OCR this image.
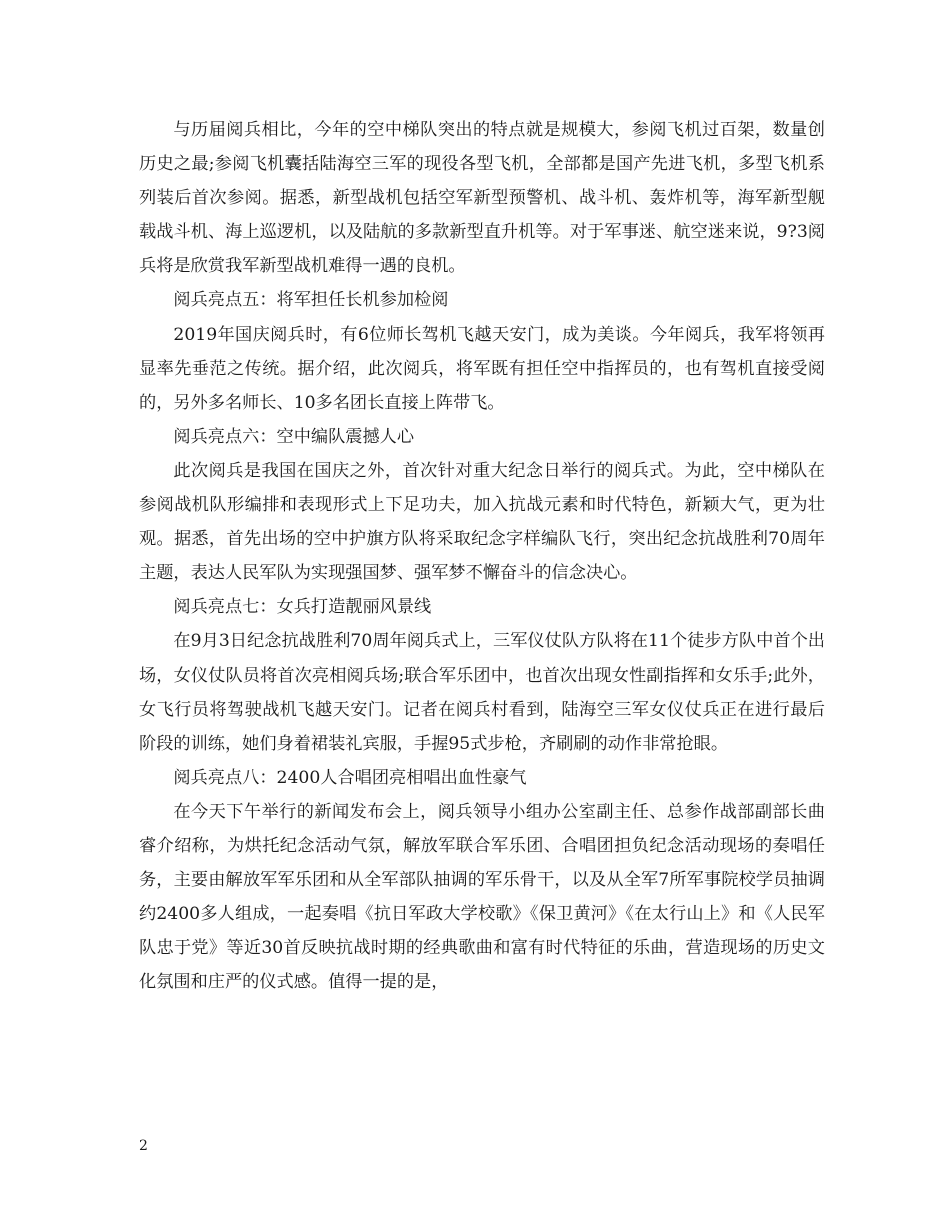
与历届阅兵相比，今年的空中梯队突出的特点就是规模大，参阅飞机过百架，数量创历史之最;参阅飞机囊括陆海空三军的现役各型飞机，全部都是国产先进飞机，多型飞机系列装后首次参阅。据悉，新型战机包括空军新型预警机、战斗机、轰炸机等，海军新型舰载战斗机、海上巡逻机，以及陆航的多款新型直升机等。对于军事迷、航空迷来说，9?3阅兵将是欣赏我军新型战机难得一遇的良机。

阅兵亮点五：将军担任长机参加检阅

2019年国庆阅兵时，有6位师长驾机飞越天安门，成为美谈。今年阅兵，我军将领再显率先垂范之传统。据介绍，此次阅兵，将军既有担任空中指挥员的，也有驾机直接受阅的，另外多名师长、10多名团长直接上阵带飞。

阅兵亮点六：空中编队震撼人心

此次阅兵是我国在国庆之外，首次针对重大纪念日举行的阅兵式。为此，空中梯队在参阅战机队形编排和表现形式上下足功夫，加入抗战元素和时代特色，新颖大气，更为壮观。据悉，首先出场的空中护旗方队将采取纪念字样编队飞行，突出纪念抗战胜利70周年主题，表达人民军队为实现强国梦、强军梦不懈奋斗的信念决心。

阅兵亮点七：女兵打造靓丽风景线

在9月3日纪念抗战胜利70周年阅兵式上，三军仪仗队方队将在11个徒步方队中首个出场，女仪仗队员将首次亮相阅兵场;联合军乐团中，也首次出现女性副指挥和女乐手;此外，女飞行员将驾驶战机飞越天安门。记者在阅兵村看到，陆海空三军女仪仗兵正在进行最后阶段的训练，她们身着裙装礼宾服，手握95式步枪，齐刷刷的动作非常抢眼。

阅兵亮点八：2400人合唱团亮相唱出血性豪气

在今天下午举行的新闻发布会上，阅兵领导小组办公室副主任、总参作战部副部长曲睿介绍称，为烘托纪念活动气氛，解放军联合军乐团、合唱团担负纪念活动现场的奏唱任务，主要由解放军军乐团和从全军部队抽调的军乐骨干，以及从全军7所军事院校学员抽调约2400多人组成，一起奏唱《抗日军政大学校歌》《保卫黄河》《在太行山上》和《人民军队忠于党》等近30首反映抗战时期的经典歌曲和富有时代特征的乐曲，营造现场的历史文化氛围和庄严的仪式感。值得一提的是，

2
